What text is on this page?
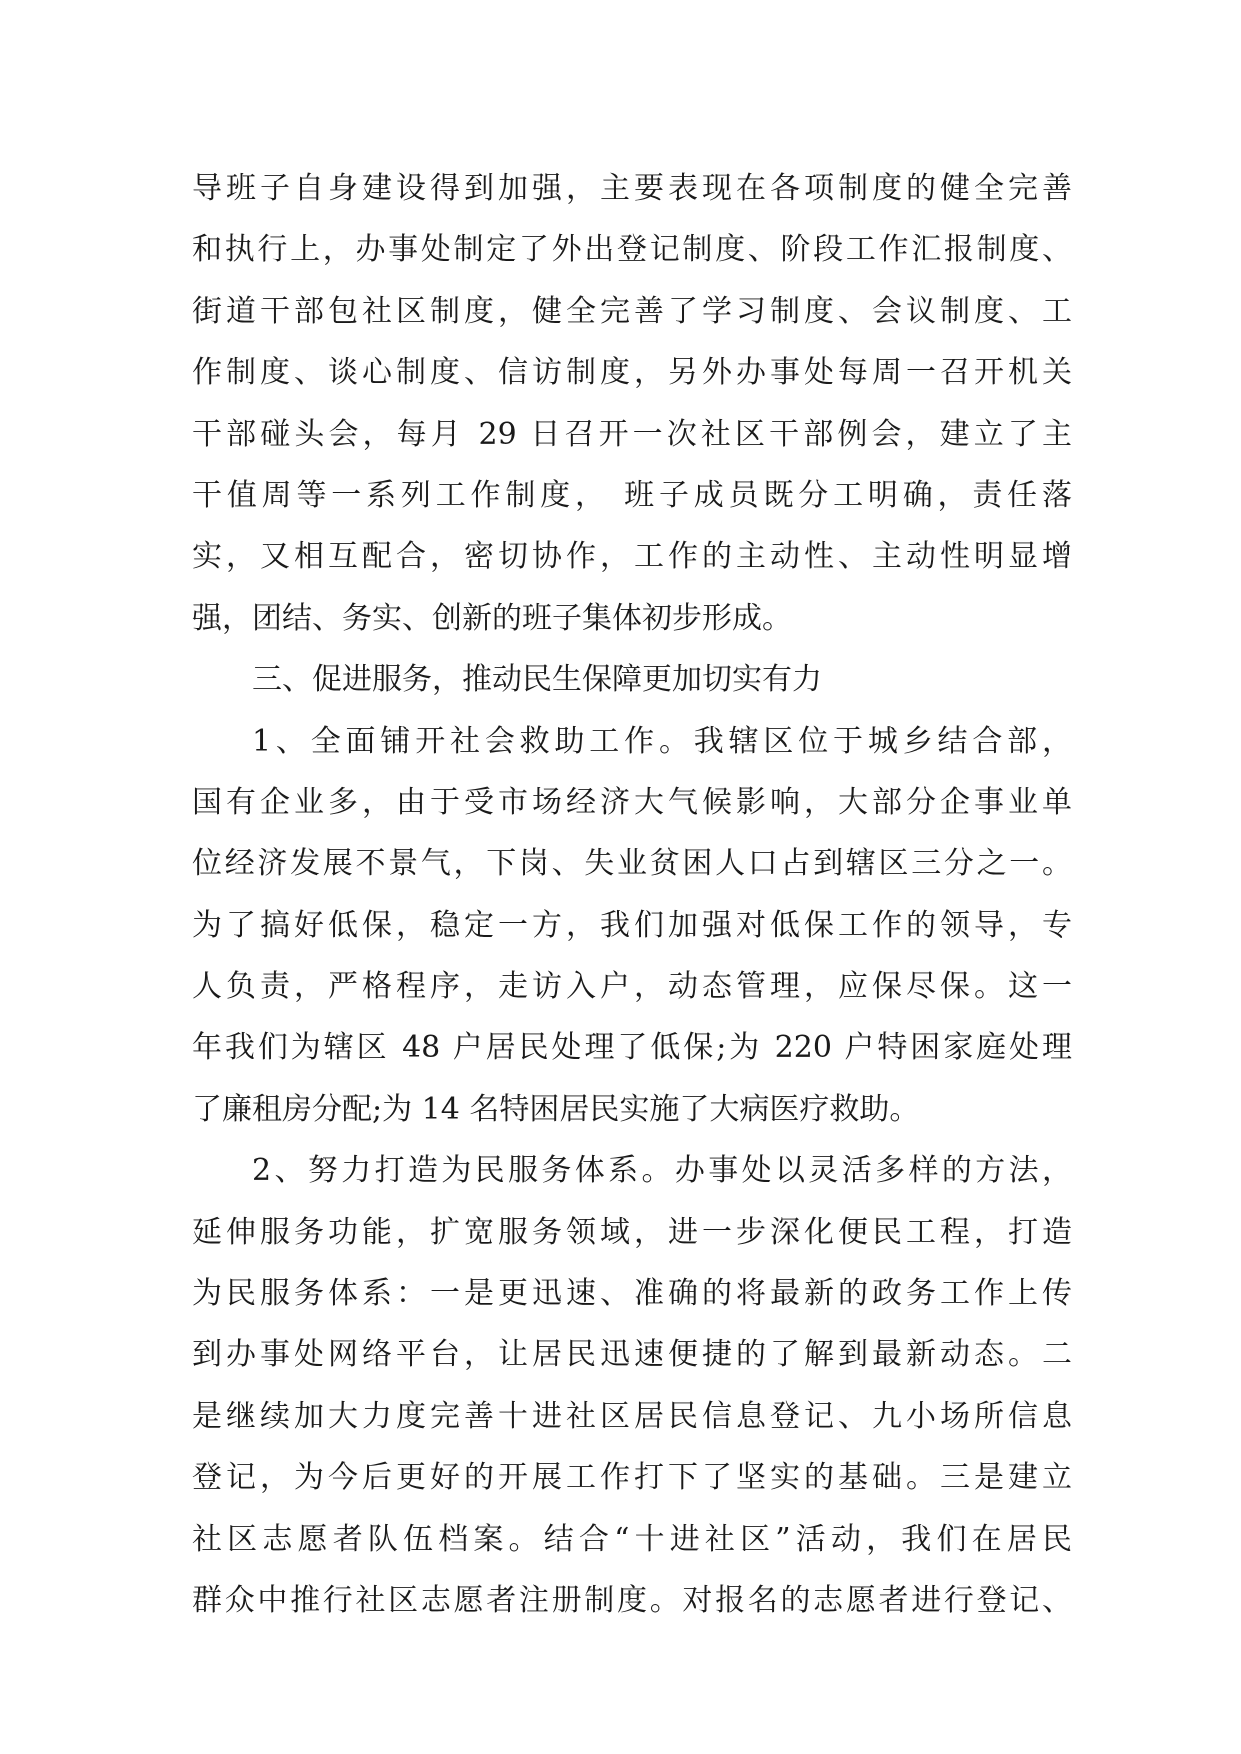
导班子自身建设得到加强，主要表现在各项制度的健全完善
和执行上，办事处制定了外出登记制度、阶段工作汇报制度、
街道干部包社区制度，健全完善了学习制度、会议制度、工
作制度、谈心制度、信访制度，另外办事处每周一召开机关
干部碰头会，每月 29 日召开一次社区干部例会，建立了主
干值周等一系列工作制度， 班子成员既分工明确，责任落
实，又相互配合，密切协作，工作的主动性、主动性明显增
强，团结、务实、创新的班子集体初步形成。
三、促进服务，推动民生保障更加切实有力
1、全面铺开社会救助工作。我辖区位于城乡结合部，
国有企业多，由于受市场经济大气候影响，大部分企事业单
位经济发展不景气，下岗、失业贫困人口占到辖区三分之一。
为了搞好低保，稳定一方，我们加强对低保工作的领导，专
人负责，严格程序，走访入户，动态管理，应保尽保。这一
年我们为辖区 48 户居民处理了低保;为 220 户特困家庭处理
了廉租房分配;为 14 名特困居民实施了大病医疗救助。
2、努力打造为民服务体系。办事处以灵活多样的方法，
延伸服务功能，扩宽服务领域，进一步深化便民工程，打造
为民服务体系：一是更迅速、准确的将最新的政务工作上传
到办事处网络平台，让居民迅速便捷的了解到最新动态。二
是继续加大力度完善十进社区居民信息登记、九小场所信息
登记，为今后更好的开展工作打下了坚实的基础。三是建立
社区志愿者队伍档案。结合“十进社区”活动，我们在居民
群众中推行社区志愿者注册制度。对报名的志愿者进行登记、
